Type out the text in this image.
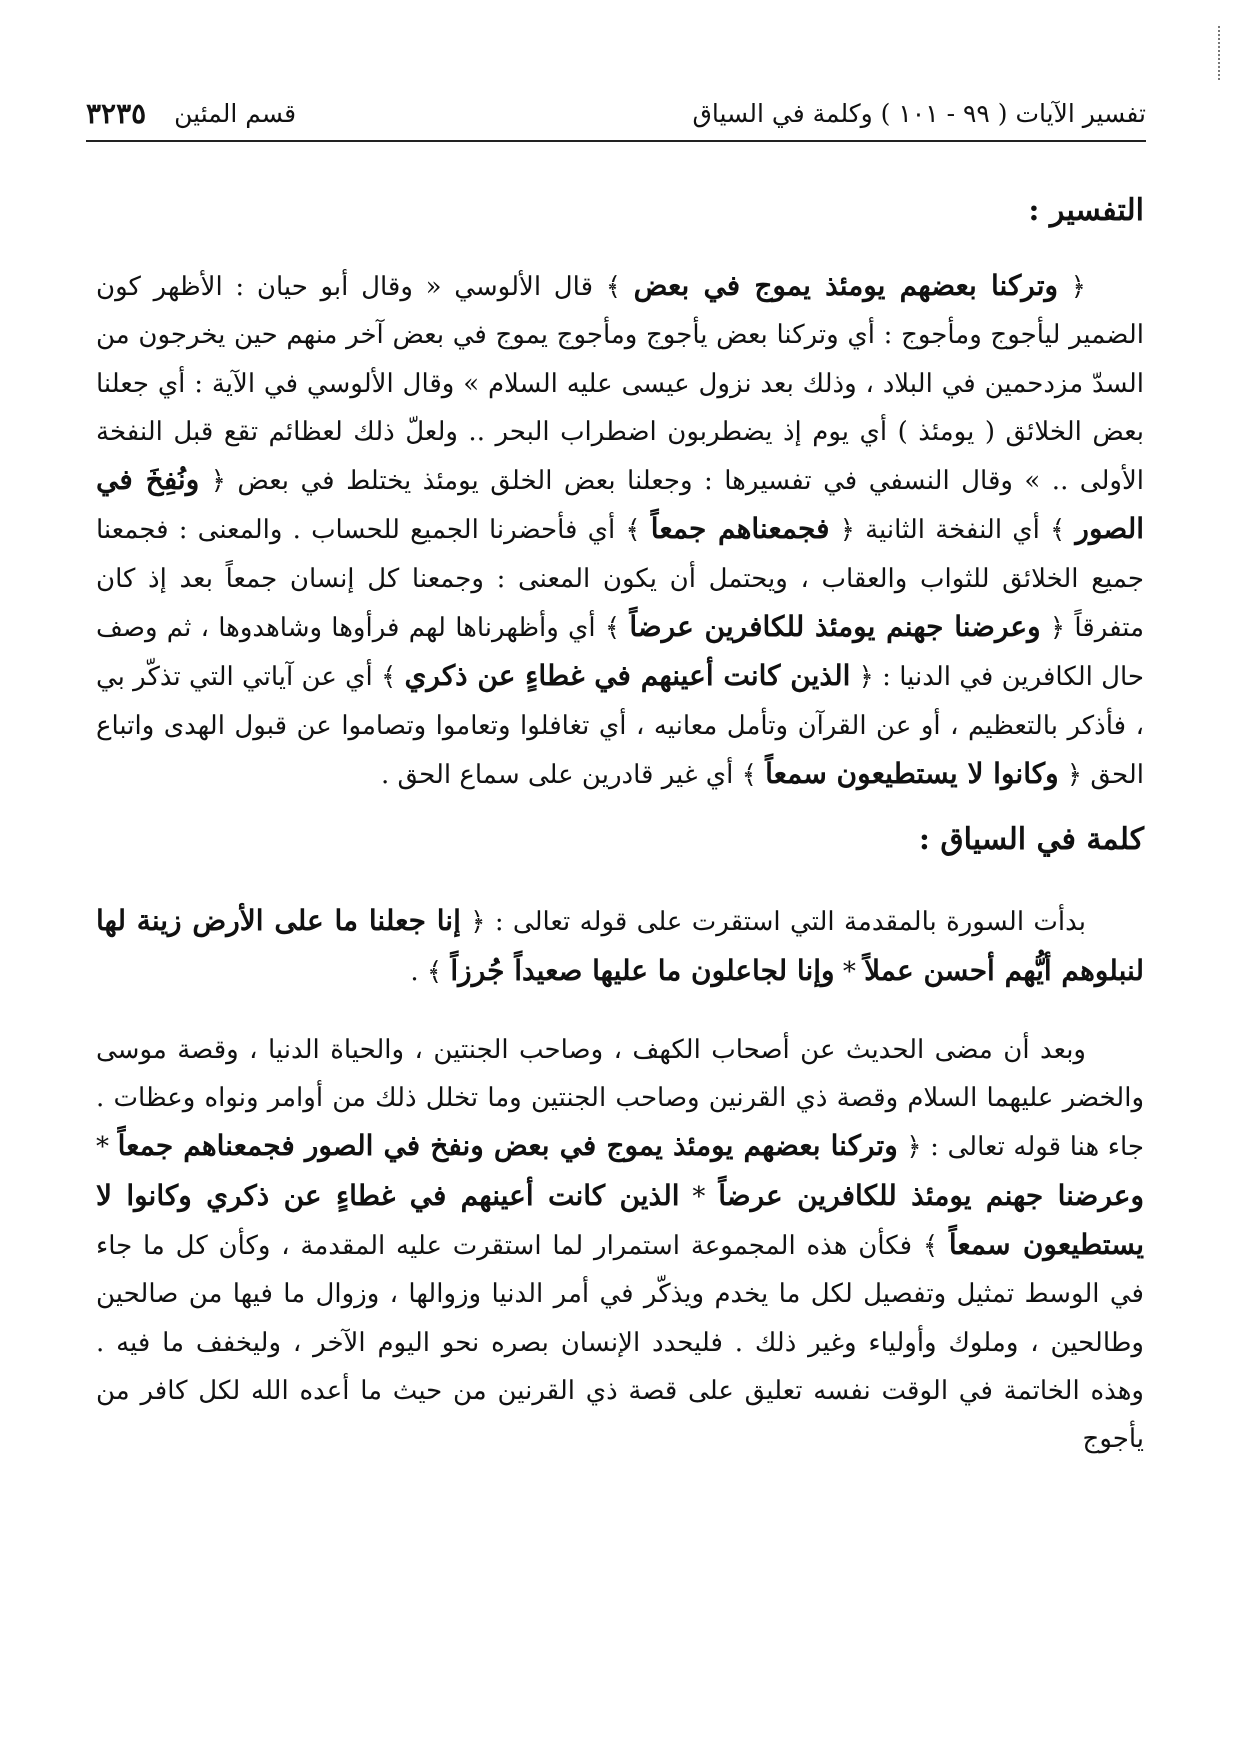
تفسير الآيات ( ٩٩ - ١٠١ ) وكلمة في السياق
قسم المئين
٣٢٣٥
التفسير :

﴿ وتركنا بعضهم يومئذ يموج في بعض ﴾ قال الألوسي « وقال أبو حيان : الأظهر كون الضمير ليأجوج ومأجوج : أي وتركنا بعض يأجوج ومأجوج يموج في بعض آخر منهم حين يخرجون من السدّ مزدحمين في البلاد ، وذلك بعد نزول عيسى عليه السلام » وقال الألوسي في الآية : أي جعلنا بعض الخلائق ( يومئذ ) أي يوم إذ يضطربون اضطراب البحر .. ولعلّ ذلك لعظائم تقع قبل النفخة الأولى .. » وقال النسفي في تفسيرها : وجعلنا بعض الخلق يومئذ يختلط في بعض ﴿ ونُفِخَ في الصور ﴾ أي النفخة الثانية ﴿ فجمعناهم جمعاً ﴾ أي فأحضرنا الجميع للحساب . والمعنى : فجمعنا جميع الخلائق للثواب والعقاب ، ويحتمل أن يكون المعنى : وجمعنا كل إنسان جمعاً بعد إذ كان متفرقاً ﴿ وعرضنا جهنم يومئذ للكافرين عرضاً ﴾ أي وأظهرناها لهم فرأوها وشاهدوها ، ثم وصف حال الكافرين في الدنيا : ﴿ الذين كانت أعينهم في غطاءٍ عن ذكري ﴾ أي عن آياتي التي تذكّر بي ، فأذكر بالتعظيم ، أو عن القرآن وتأمل معانيه ، أي تغافلوا وتعاموا وتصاموا عن قبول الهدى واتباع الحق ﴿ وكانوا لا يستطيعون سمعاً ﴾ أي غير قادرين على سماع الحق .

كلمة في السياق :

بدأت السورة بالمقدمة التي استقرت على قوله تعالى : ﴿ إنا جعلنا ما على الأرض زينة لها لنبلوهم أيُّهم أحسن عملاً * وإنا لجاعلون ما عليها صعيداً جُرزاً ﴾ .

وبعد أن مضى الحديث عن أصحاب الكهف ، وصاحب الجنتين ، والحياة الدنيا ، وقصة موسى والخضر عليهما السلام وقصة ذي القرنين وصاحب الجنتين وما تخلل ذلك من أوامر ونواه وعظات . جاء هنا قوله تعالى : ﴿ وتركنا بعضهم يومئذ يموج في بعض ونفخ في الصور فجمعناهم جمعاً * وعرضنا جهنم يومئذ للكافرين عرضاً * الذين كانت أعينهم في غطاءٍ عن ذكري وكانوا لا يستطيعون سمعاً ﴾ فكأن هذه المجموعة استمرار لما استقرت عليه المقدمة ، وكأن كل ما جاء في الوسط تمثيل وتفصيل لكل ما يخدم ويذكّر في أمر الدنيا وزوالها ، وزوال ما فيها من صالحين وطالحين ، وملوك وأولياء وغير ذلك . فليحدد الإنسان بصره نحو اليوم الآخر ، وليخفف ما فيه . وهذه الخاتمة في الوقت نفسه تعليق على قصة ذي القرنين من حيث ما أعده الله لكل كافر من يأجوج
